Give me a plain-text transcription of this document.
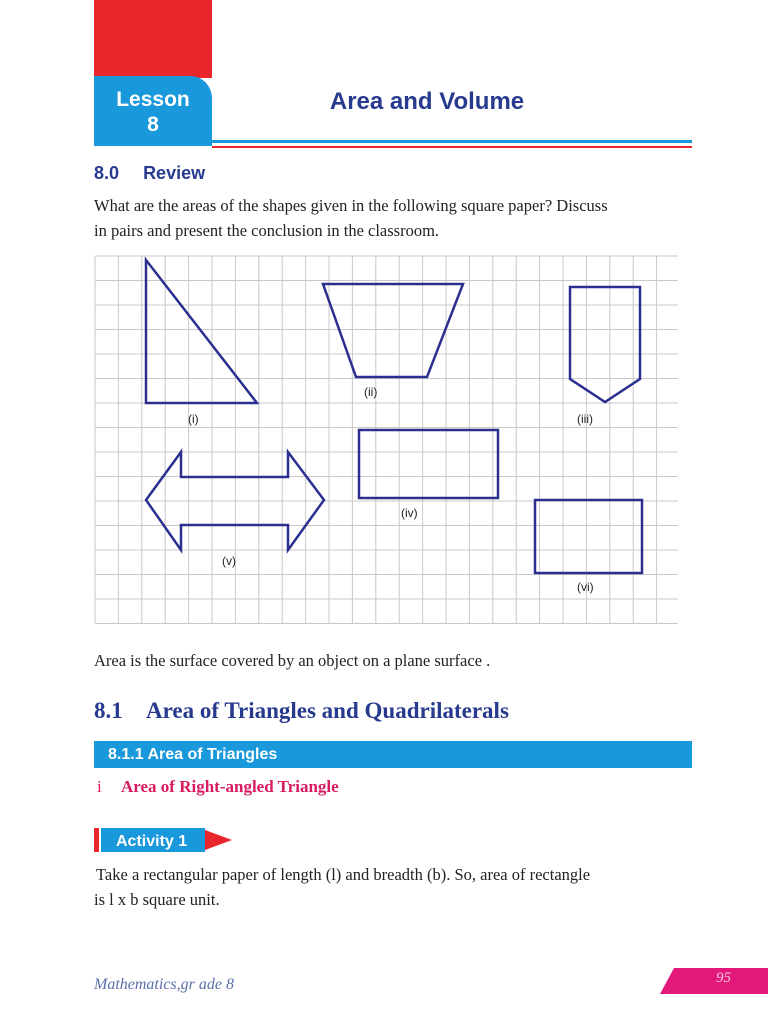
Lesson
8
Area and Volume
8.0 Review
What are the areas of the shapes given in the following square paper? Discuss
in pairs and present the conclusion in the classroom.
(i)
(ii)
(iii)
(iv)
(v)
(vi)
Area is the surface covered by an object on a plane surface .
8.1 Area of Triangles and Quadrilaterals
8.1.1 Area of Triangles
i Area of Right-angled Triangle
Activity 1
Take a rectangular paper of length (l) and breadth (b). So, area of rectangle
is l x b square unit.
Mathematics,gr ade 8	95
